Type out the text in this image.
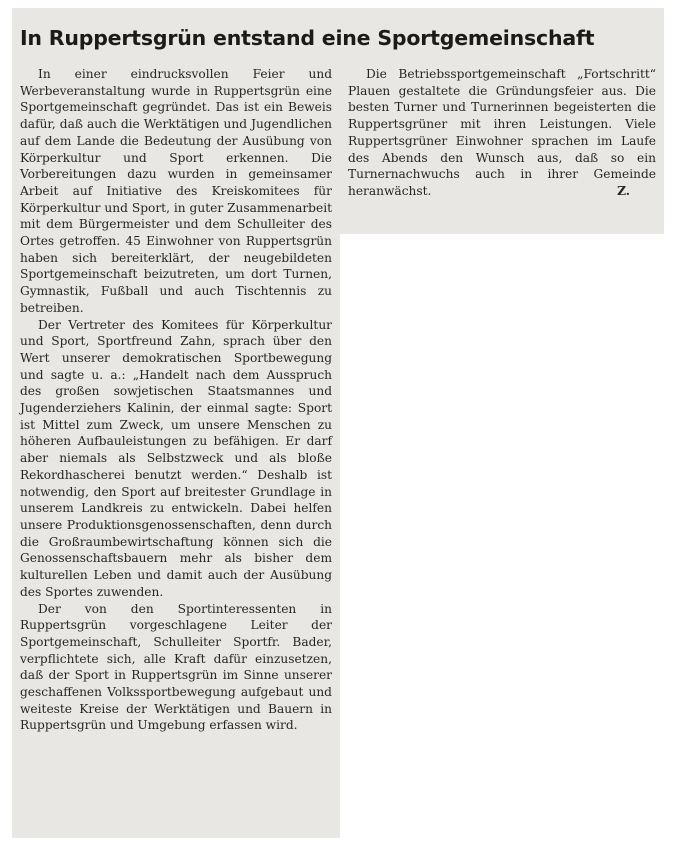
In Ruppertsgrün entstand eine Sportgemeinschaft

In einer eindrucksvollen Feier und Werbeveranstaltung wurde in Ruppertsgrün eine Sportgemeinschaft gegründet. Das ist ein Beweis dafür, daß auch die Werktätigen und Jugendlichen auf dem Lande die Bedeutung der Ausübung von Körperkultur und Sport erkennen. Die Vorbereitungen dazu wurden in gemeinsamer Arbeit auf Initiative des Kreiskomitees für Körperkultur und Sport, in guter Zusammenarbeit mit dem Bürgermeister und dem Schulleiter des Ortes getroffen. 45 Einwohner von Ruppertsgrün haben sich bereiterklärt, der neugebildeten Sportgemeinschaft beizutreten, um dort Turnen, Gymnastik, Fußball und auch Tischtennis zu betreiben.

Der Vertreter des Komitees für Körperkultur und Sport, Sportfreund Zahn, sprach über den Wert unserer demokratischen Sportbewegung und sagte u. a.: „Handelt nach dem Ausspruch des großen sowjetischen Staatsmannes und Jugenderziehers Kalinin, der einmal sagte: Sport ist Mittel zum Zweck, um unsere Menschen zu höheren Aufbauleistungen zu befähigen. Er darf aber niemals als Selbstzweck und als bloße Rekordhascherei benutzt werden.“ Deshalb ist notwendig, den Sport auf breitester Grundlage in unserem Landkreis zu entwickeln. Dabei helfen unsere Produktionsgenossenschaften, denn durch die Großraumbewirtschaftung können sich die Genossenschaftsbauern mehr als bisher dem kulturellen Leben und damit auch der Ausübung des Sportes zuwenden.

Der von den Sportinteressenten in Ruppertsgrün vorgeschlagene Leiter der Sportgemeinschaft, Schulleiter Sportfr. Bader, verpflichtete sich, alle Kraft dafür einzusetzen, daß der Sport in Ruppertsgrün im Sinne unserer geschaffenen Volkssportbewegung aufgebaut und weiteste Kreise der Werktätigen und Bauern in Ruppertsgrün und Umgebung erfassen wird.

Die Betriebssportgemeinschaft „Fortschritt“ Plauen gestaltete die Gründungsfeier aus. Die besten Turner und Turnerinnen begeisterten die Ruppertsgrüner mit ihren Leistungen. Viele Ruppertsgrüner Einwohner sprachen im Laufe des Abends den Wunsch aus, daß so ein Turnernachwuchs auch in ihrer Gemeinde heranwächst.	Z.
